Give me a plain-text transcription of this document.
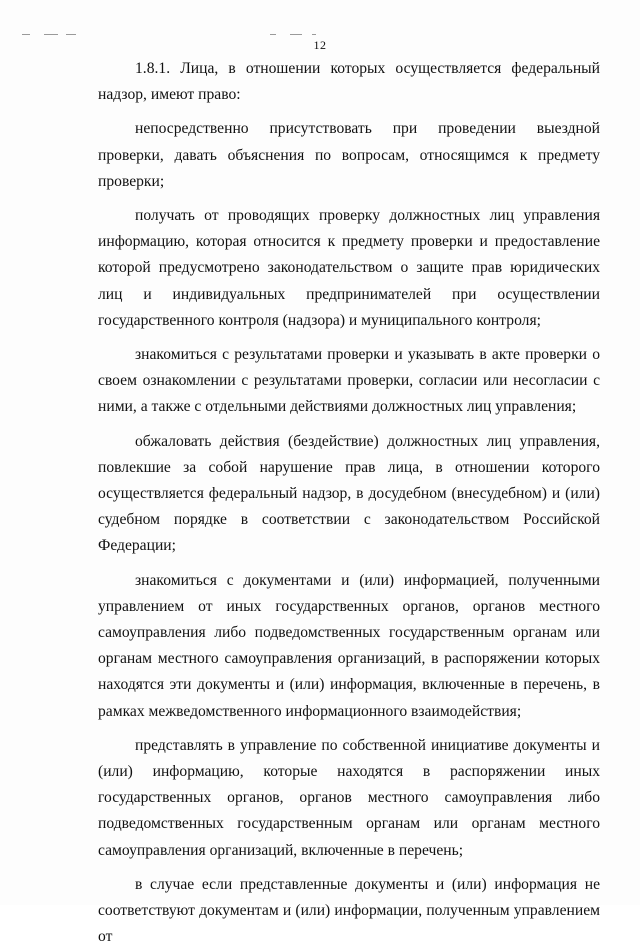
12

1.8.1. Лица, в отношении которых осуществляется федеральный надзор, имеют право:

непосредственно присутствовать при проведении выездной проверки, давать объяснения по вопросам, относящимся к предмету проверки;

получать от проводящих проверку должностных лиц управления информацию, которая относится к предмету проверки и предоставление которой предусмотрено законодательством о защите прав юридических лиц и индивидуальных предпринимателей при осуществлении государственного контроля (надзора) и муниципального контроля;

знакомиться с результатами проверки и указывать в акте проверки о своем ознакомлении с результатами проверки, согласии или несогласии с ними, а также с отдельными действиями должностных лиц управления;

обжаловать действия (бездействие) должностных лиц управления, повлекшие за собой нарушение прав лица, в отношении которого осуществляется федеральный надзор, в досудебном (внесудебном) и (или) судебном порядке в соответствии с законодательством Российской Федерации;

знакомиться с документами и (или) информацией, полученными управлением от иных государственных органов, органов местного самоуправления либо подведомственных государственным органам или органам местного самоуправления организаций, в распоряжении которых находятся эти документы и (или) информация, включенные в перечень, в рамках межведомственного информационного взаимодействия;

представлять в управление по собственной инициативе документы и (или) информацию, которые находятся в распоряжении иных государственных органов, органов местного самоуправления либо подведомственных государственным органам или органам местного самоуправления организаций, включенные в перечень;

в случае если представленные документы и (или) информация не соответствуют документам и (или) информации, полученным управлением от
